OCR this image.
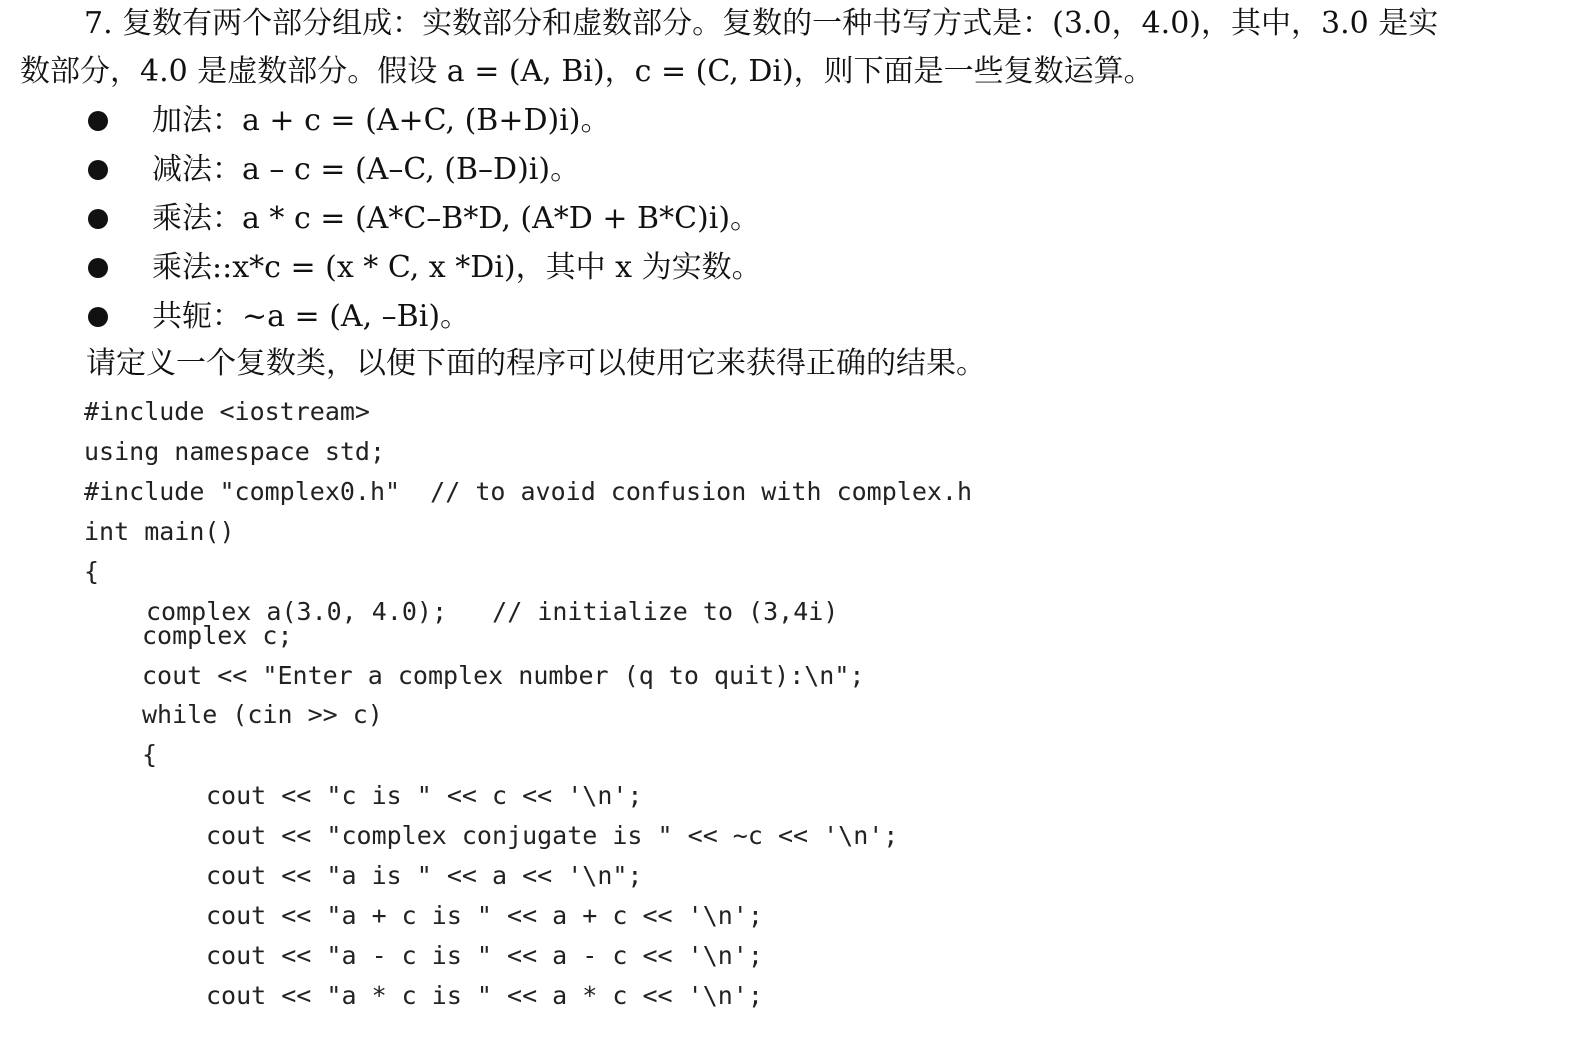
7. 复数有两个部分组成：实数部分和虚数部分。复数的一种书写方式是：(3.0，4.0)，其中，3.0 是实
数部分，4.0 是虚数部分。假设 a = (A, Bi)，c = (C, Di)，则下面是一些复数运算。
加法：a + c = (A+C, (B+D)i)。
减法：a – c = (A–C, (B–D)i)。
乘法：a * c = (A*C–B*D, (A*D + B*C)i)。
乘法::x*c = (x * C, x *Di)，其中 x 为实数。
共轭：~a = (A, –Bi)。
请定义一个复数类，以便下面的程序可以使用它来获得正确的结果。

#include <iostream>

using namespace std;

#include "complex0.h"  // to avoid confusion with complex.h

int main()

{

complex a(3.0, 4.0);   // initialize to (3,4i)

complex c;

cout << "Enter a complex number (q to quit):\n";

while (cin >> c)

{

cout << "c is " << c << '\n';

cout << "complex conjugate is " << ~c << '\n';

cout << "a is " << a << '\n";

cout << "a + c is " << a + c << '\n';

cout << "a - c is " << a - c << '\n';

cout << "a * c is " << a * c << '\n';
